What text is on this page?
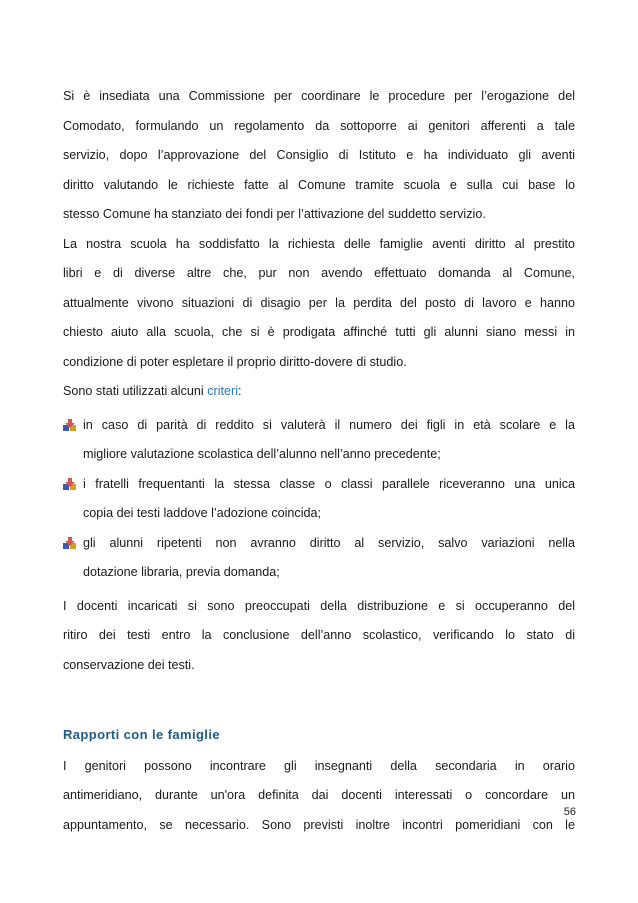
Si è insediata una Commissione per coordinare le procedure per l’erogazione del
Comodato, formulando un regolamento da sottoporre ai genitori afferenti a tale
servizio, dopo l’approvazione del Consiglio di Istituto e ha individuato gli aventi
diritto valutando le richieste fatte al Comune tramite scuola e sulla cui base lo
stesso Comune ha stanziato dei fondi per l’attivazione del suddetto servizio.
La nostra scuola ha soddisfatto la richiesta delle famiglie aventi diritto al prestito
libri e di diverse altre che, pur non avendo effettuato domanda al Comune,
attualmente vivono situazioni di disagio per la perdita del posto di lavoro e hanno
chiesto aiuto alla scuola, che si è prodigata affinché tutti gli alunni siano messi in
condizione di poter espletare il proprio diritto-dovere di studio.
Sono stati utilizzati alcuni criteri:
in caso di parità di reddito si valuterà il numero dei figli in età scolare e la
migliore valutazione scolastica dell’alunno nell’anno precedente;
i fratelli frequentanti la stessa classe o classi parallele riceveranno una unica
copia dei testi laddove l’adozione coincida;
gli alunni ripetenti non avranno diritto al servizio, salvo variazioni nella
dotazione libraria, previa domanda;
I docenti incaricati si sono preoccupati della distribuzione e si occuperanno del
ritiro dei testi entro la conclusione dell’anno scolastico, verificando lo stato di
conservazione dei testi.
Rapporti con le famiglie
I genitori possono incontrare gli insegnanti della secondaria in orario
antimeridiano, durante un'ora definita dai docenti interessati o concordare un
appuntamento, se necessario. Sono previsti inoltre incontri pomeridiani con le
56
